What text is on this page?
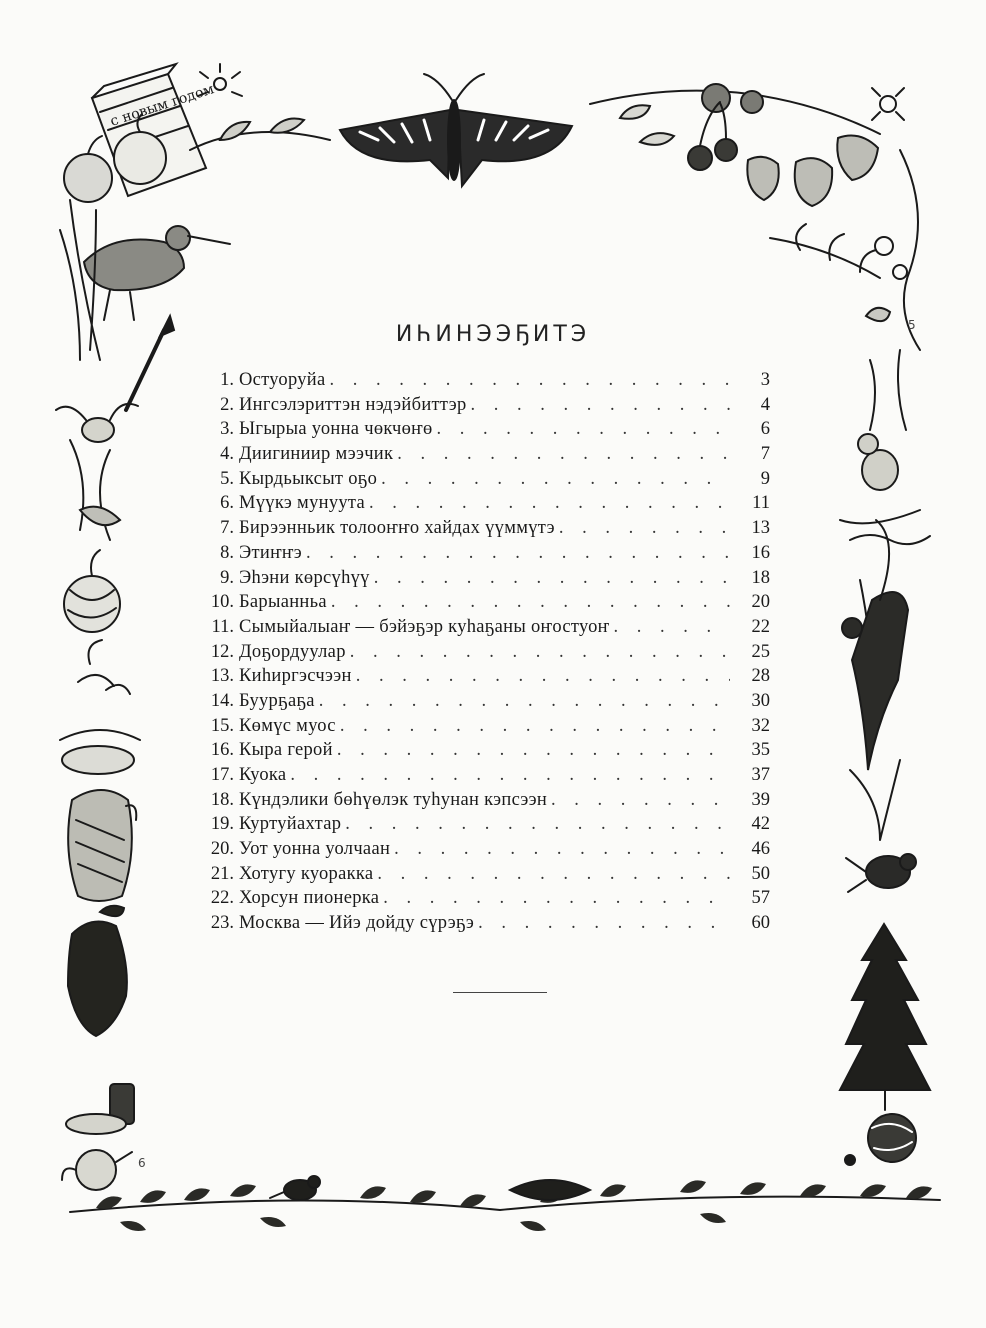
с новым годом
5
6
ИҺИНЭЭҔИТЭ
1. Остуоруйа . . .	3
2. Ингсэлэриттэн нэдэйбиттэр . . .	4
3. Ыгырыа уонна чөкчөҥө . . .	6
4. Диигиниир мээчик . . .	7
5. Кырдьыксыт оҕо . . .	9
6. Мүүкэ мунуута . . .	11
7. Бирээнньик толооҥҥо хайдах үүммүтэ . . .	13
8. Этиҥҥэ . . .	16
9. Эһэни көрсүһүү . . .	18
10. Барыанньа . . .	20
11. Сымыйалыаҥ — бэйэҕэр куһаҕаны оҥостуоҥ . . .	22
12. Доҕордуулар . . .	25
13. Киһиргэсчээн . . .	28
14. Буурҕаҕа . . .	30
15. Көмүс муос . . .	32
16. Кыра герой . . .	35
17. Куока . . .	37
18. Күндэлики бөһүөлэк туһунан кэпсээн . . .	39
19. Куртуйахтар . . .	42
20. Уот уонна уолчаан . . .	46
21. Хотугу куоракка . . .	50
22. Хорсун пионерка . . .	57
23. Москва — Ийэ дойду сүрэҕэ . . .	60
